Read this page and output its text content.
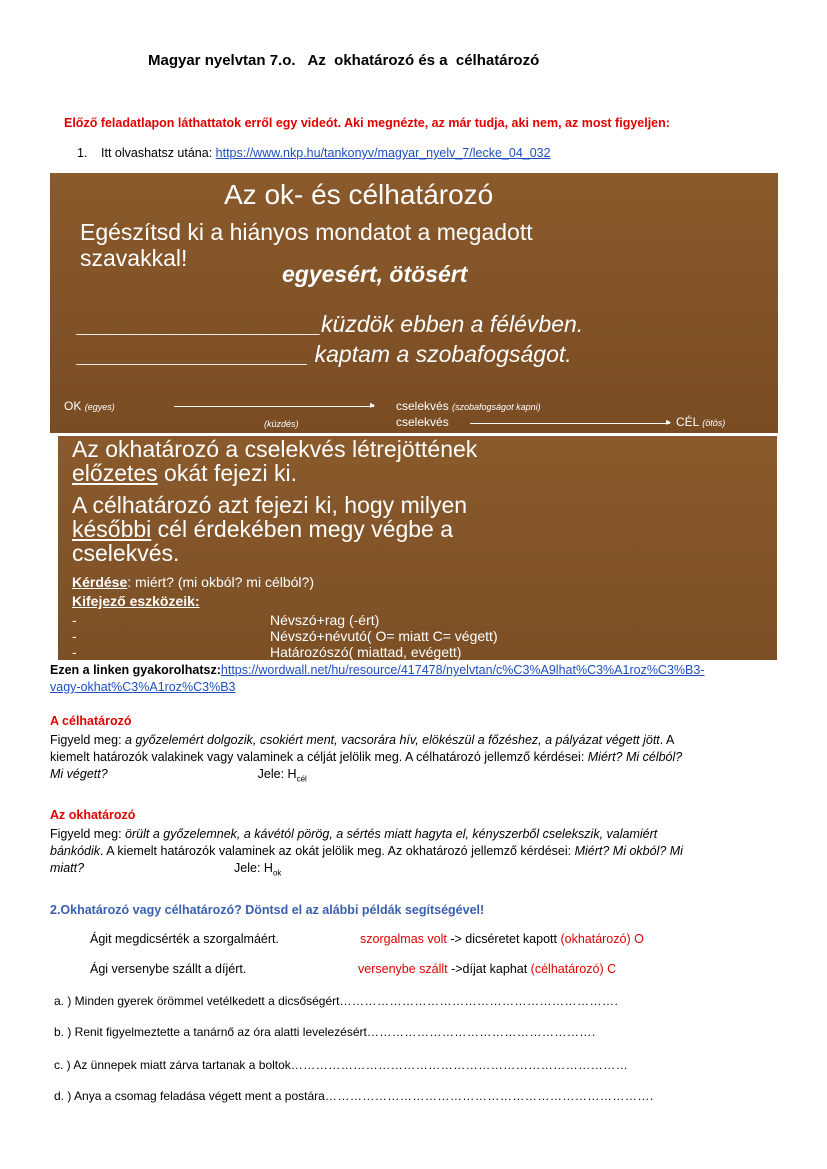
Magyar nyelvtan 7.o.   Az  okhatározó és a  célhatározó
Előző feladatlapon láthattatok erről egy videót. Aki megnézte, az már tudja, aki nem, az most figyeljen:
1. Itt olvashatsz utána: https://www.nkp.hu/tankonyv/magyar_nyelv_7/lecke_04_032
Az ok- és célhatározó
Egészítsd ki a hiányos mondatot a megadott
szavakkal!
egyesért, ötösért
___________________küzdök ebben a félévben.
__________________ kaptam a szobafogságot.
OK (egyes)	▸ cselekvés (szobafogságot kapni)
(küzdés)	cselekvés	▸ CÉL (ötös)
Az okhatározó a cselekvés létrejöttének
előzetes okát fejezi ki.
A célhatározó azt fejezi ki, hogy milyen
későbbi cél érdekében megy végbe a
cselekvés.
Kérdése: miért? (mi okból? mi célból?)
Kifejező eszközeik:
-	Névszó+rag (-ért)
-	Névszó+névutó( O= miatt C= végett)
-	Határozószó( miattad, evégett)
Ezen a linken gyakorolhatsz:https://wordwall.net/hu/resource/417478/nyelvtan/c%C3%A9lhat%C3%A1roz%C3%B3-
vagy-okhat%C3%A1roz%C3%B3
A célhatározó
Figyeld meg: a győzelemért dolgozik, csokiért ment, vacsorára hív, elökészül a főzéshez, a pályázat végett jött. A
kiemelt határozók valakinek vagy valaminek a célját jelölik meg. A célhatározó jellemző kérdései: Miért? Mi célból?
Mi végett?	Jele: $H_{cél}$
Az okhatározó
Figyeld meg: örült a győzelemnek, a kávétól pörög, a sértés miatt hagyta el, kényszerből cselekszik, valamiért
bánkódik. A kiemelt határozók valaminek az okát jelölik meg. Az okhatározó jellemző kérdései: Miért? Mi okból? Mi
miatt?	Jele: $H_{ok}$
2.Okhatározó vagy célhatározó? Döntsd el az alábbi példák segítségével!
Ágit megdicsérték a szorgalmáért.	szorgalmas volt -> dicséretet kapott (okhatározó) O
Ági versenybe szállt a díjért.	versenybe szállt ->díjat kaphat (célhatározó) C
a. ) Minden gyerek örömmel vetélkedett a dicsőségért………………………………………………………….
b. ) Renit figyelmeztette a tanárnő az óra alatti levelezésért……………………………………………….
c. ) Az ünnepek miatt zárva tartanak a boltok………………………………………………………………………
d. ) Anya a csomag feladása végett ment a postára…………………………………………………………………….
